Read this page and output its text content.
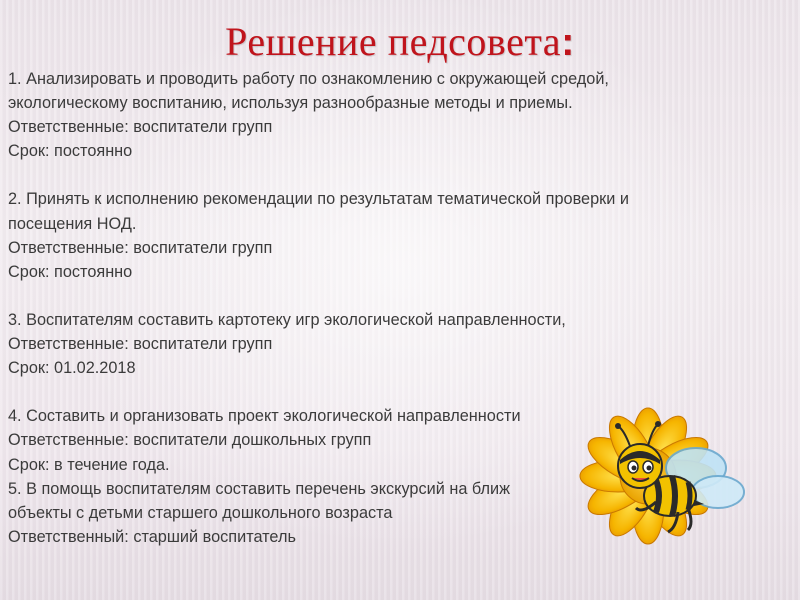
Решение педсовета:
1. Анализировать и проводить работу по ознакомлению с окружающей средой,
экологическому воспитанию, используя разнообразные методы и приемы.
Ответственные: воспитатели групп
Срок: постоянно
2. Принять к исполнению рекомендации по результатам тематической проверки и
посещения НОД.
Ответственные: воспитатели групп
Срок: постоянно
3. Воспитателям составить картотеку игр экологической направленности,
Ответственные: воспитатели групп
Срок: 01.02.2018
4. Составить и организовать проект экологической направленности
Ответственные: воспитатели дошкольных групп
Срок: в течение года.
5. В помощь воспитателям составить перечень экскурсий на ближ
объекты с детьми старшего дошкольного возраста
Ответственный: старший воспитатель
